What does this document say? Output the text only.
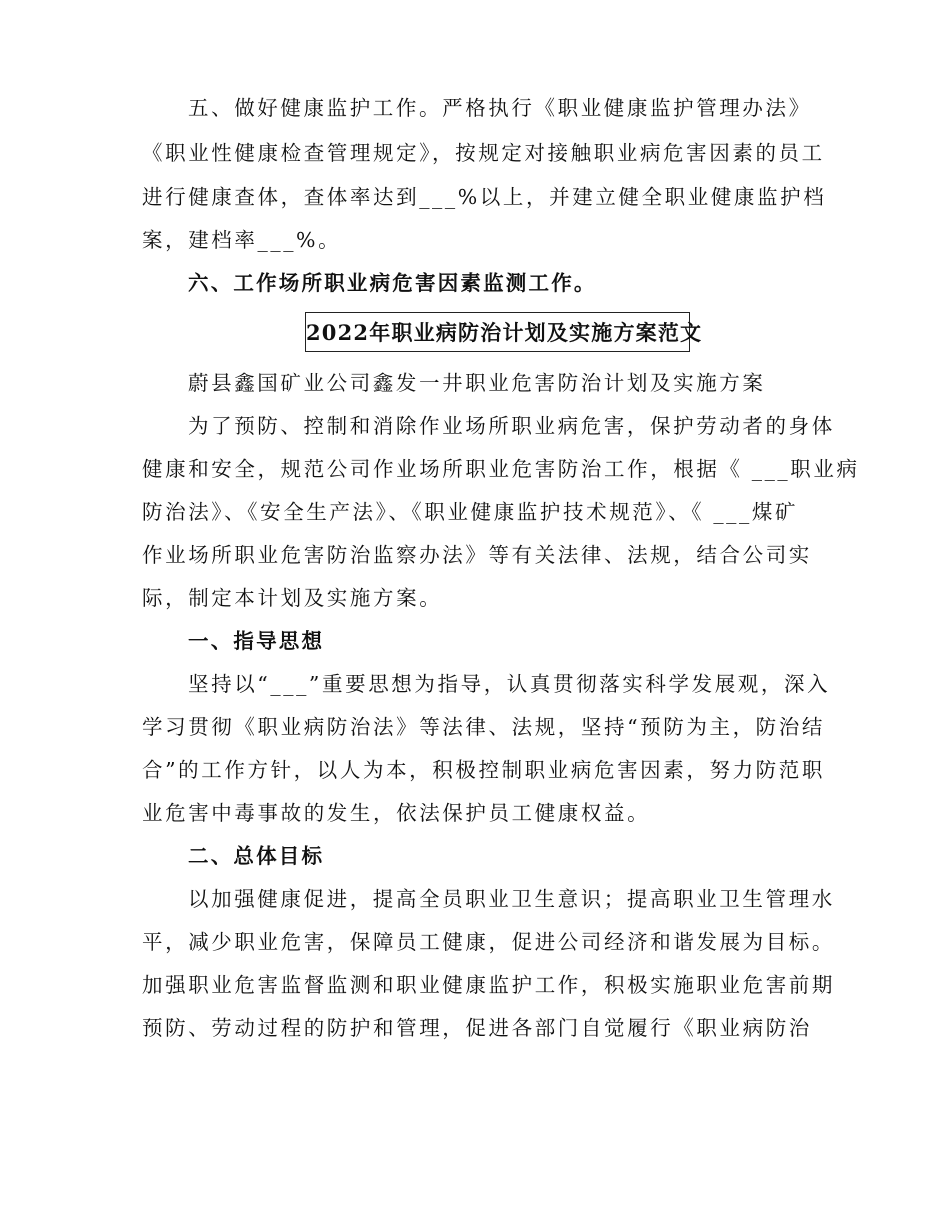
五、做好健康监护工作。严格执行《职业健康监护管理办法》
《职业性健康检查管理规定》，按规定对接触职业病危害因素的员工
进行健康查体，查体率达到___%以上，并建立健全职业健康监护档
案，建档率___%。
六、工作场所职业病危害因素监测工作。
2022年职业病防治计划及实施方案范文
蔚县鑫国矿业公司鑫发一井职业危害防治计划及实施方案
为了预防、控制和消除作业场所职业病危害，保护劳动者的身体
健康和安全，规范公司作业场所职业危害防治工作，根据《 ___职业病
防治法》、《安全生产法》、《职业健康监护技术规范》、《 ___煤矿
作业场所职业危害防治监察办法》等有关法律、法规，结合公司实
际，制定本计划及实施方案。
一、指导思想
坚持以“___”重要思想为指导，认真贯彻落实科学发展观，深入
学习贯彻《职业病防治法》等法律、法规，坚持“预防为主，防治结
合”的工作方针，以人为本，积极控制职业病危害因素，努力防范职
业危害中毒事故的发生，依法保护员工健康权益。
二、总体目标
以加强健康促进，提高全员职业卫生意识；提高职业卫生管理水
平，减少职业危害，保障员工健康，促进公司经济和谐发展为目标。
加强职业危害监督监测和职业健康监护工作，积极实施职业危害前期
预防、劳动过程的防护和管理，促进各部门自觉履行《职业病防治
